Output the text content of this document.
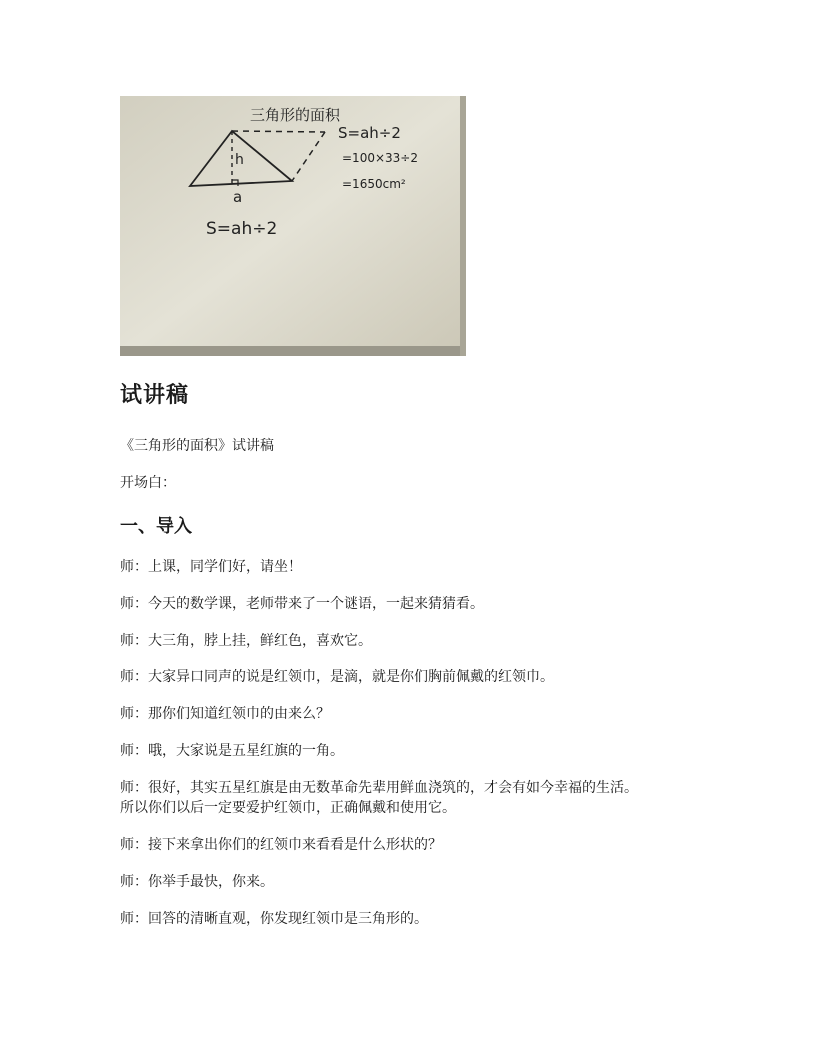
三角形的面积
h
a
S=ah÷2
=100×33÷2
=1650cm²
S=ah÷2
试讲稿

《三角形的面积》试讲稿

开场白：

一、导入

师：上课，同学们好，请坐！

师：今天的数学课，老师带来了一个谜语，一起来猜猜看。

师：大三角，脖上挂，鲜红色，喜欢它。

师：大家异口同声的说是红领巾，是滴，就是你们胸前佩戴的红领巾。

师：那你们知道红领巾的由来么？

师：哦，大家说是五星红旗的一角。

师：很好，其实五星红旗是由无数革命先辈用鲜血浇筑的，才会有如今幸福的生活。

所以你们以后一定要爱护红领巾，正确佩戴和使用它。

师：接下来拿出你们的红领巾来看看是什么形状的？

师：你举手最快，你来。

师：回答的清晰直观，你发现红领巾是三角形的。
